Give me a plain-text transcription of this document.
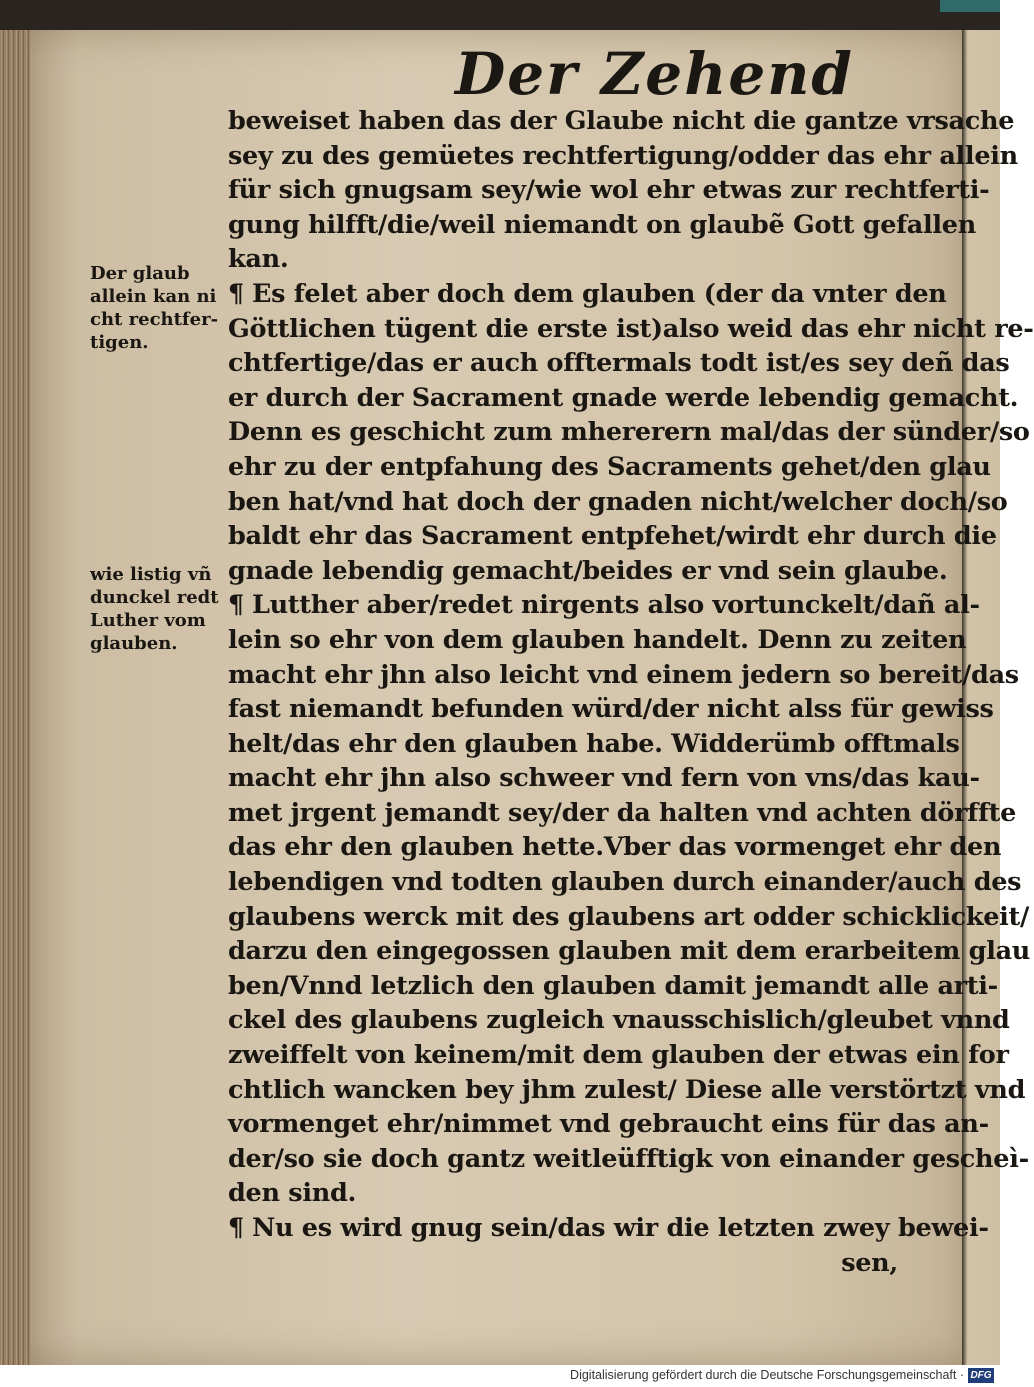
Der Zehend
Der glaub
allein kan ni
cht rechtfer-
tigen.
wie listig vñ
dunckel redt
Luther vom
glauben.
beweiset haben das der Glaube nicht die gantze vrsache
sey zu des gemüetes rechtfertigung/odder das ehr allein
für sich gnugsam sey/wie wol ehr etwas zur rechtferti-
gung hilfft/die/weil niemandt on glaubẽ Gott gefallen
kan.
¶ Es felet aber doch dem glauben (der da vnter den
Göttlichen tügent die erste ist)also weid das ehr nicht re-
chtfertige/das er auch offtermals todt ist/es sey deñ das
er durch der Sacrament gnade werde lebendig gemacht.
Denn es geschicht zum mhererern mal/das der sünder/so
ehr zu der entpfahung des Sacraments gehet/den glau
ben hat/vnd hat doch der gnaden nicht/welcher doch/so
baldt ehr das Sacrament entpfehet/wirdt ehr durch die
gnade lebendig gemacht/beides er vnd sein glaube.
¶ Lutther aber/redet nirgents also vortunckelt/dañ al-
lein so ehr von dem glauben handelt. Denn zu zeiten
macht ehr jhn also leicht vnd einem jedern so bereit/das
fast niemandt befunden würd/der nicht alss für gewiss
helt/das ehr den glauben habe. Widderümb offtmals
macht ehr jhn also schweer vnd fern von vns/das kau-
met jrgent jemandt sey/der da halten vnd achten dörffte
das ehr den glauben hette.Vber das vormenget ehr den
lebendigen vnd todten glauben durch einander/auch des
glaubens werck mit des glaubens art odder schicklickeit/
darzu den eingegossen glauben mit dem erarbeitem glau
ben/Vnnd letzlich den glauben damit jemandt alle arti-
ckel des glaubens zugleich vnausschislich/gleubet vnnd
zweiffelt von keinem/mit dem glauben der etwas ein for
chtlich wancken bey jhm zulest/ Diese alle verstörtzt vnd
vormenget ehr/nimmet vnd gebraucht eins für das an-
der/so sie doch gantz weitleüfftigk von einander gescheì-
den sind.
¶ Nu es wird gnug sein/das wir die letzten zwey bewei-
sen,
Digitalisierung gefördert durch die Deutsche Forschungsgemeinschaft · DFG
